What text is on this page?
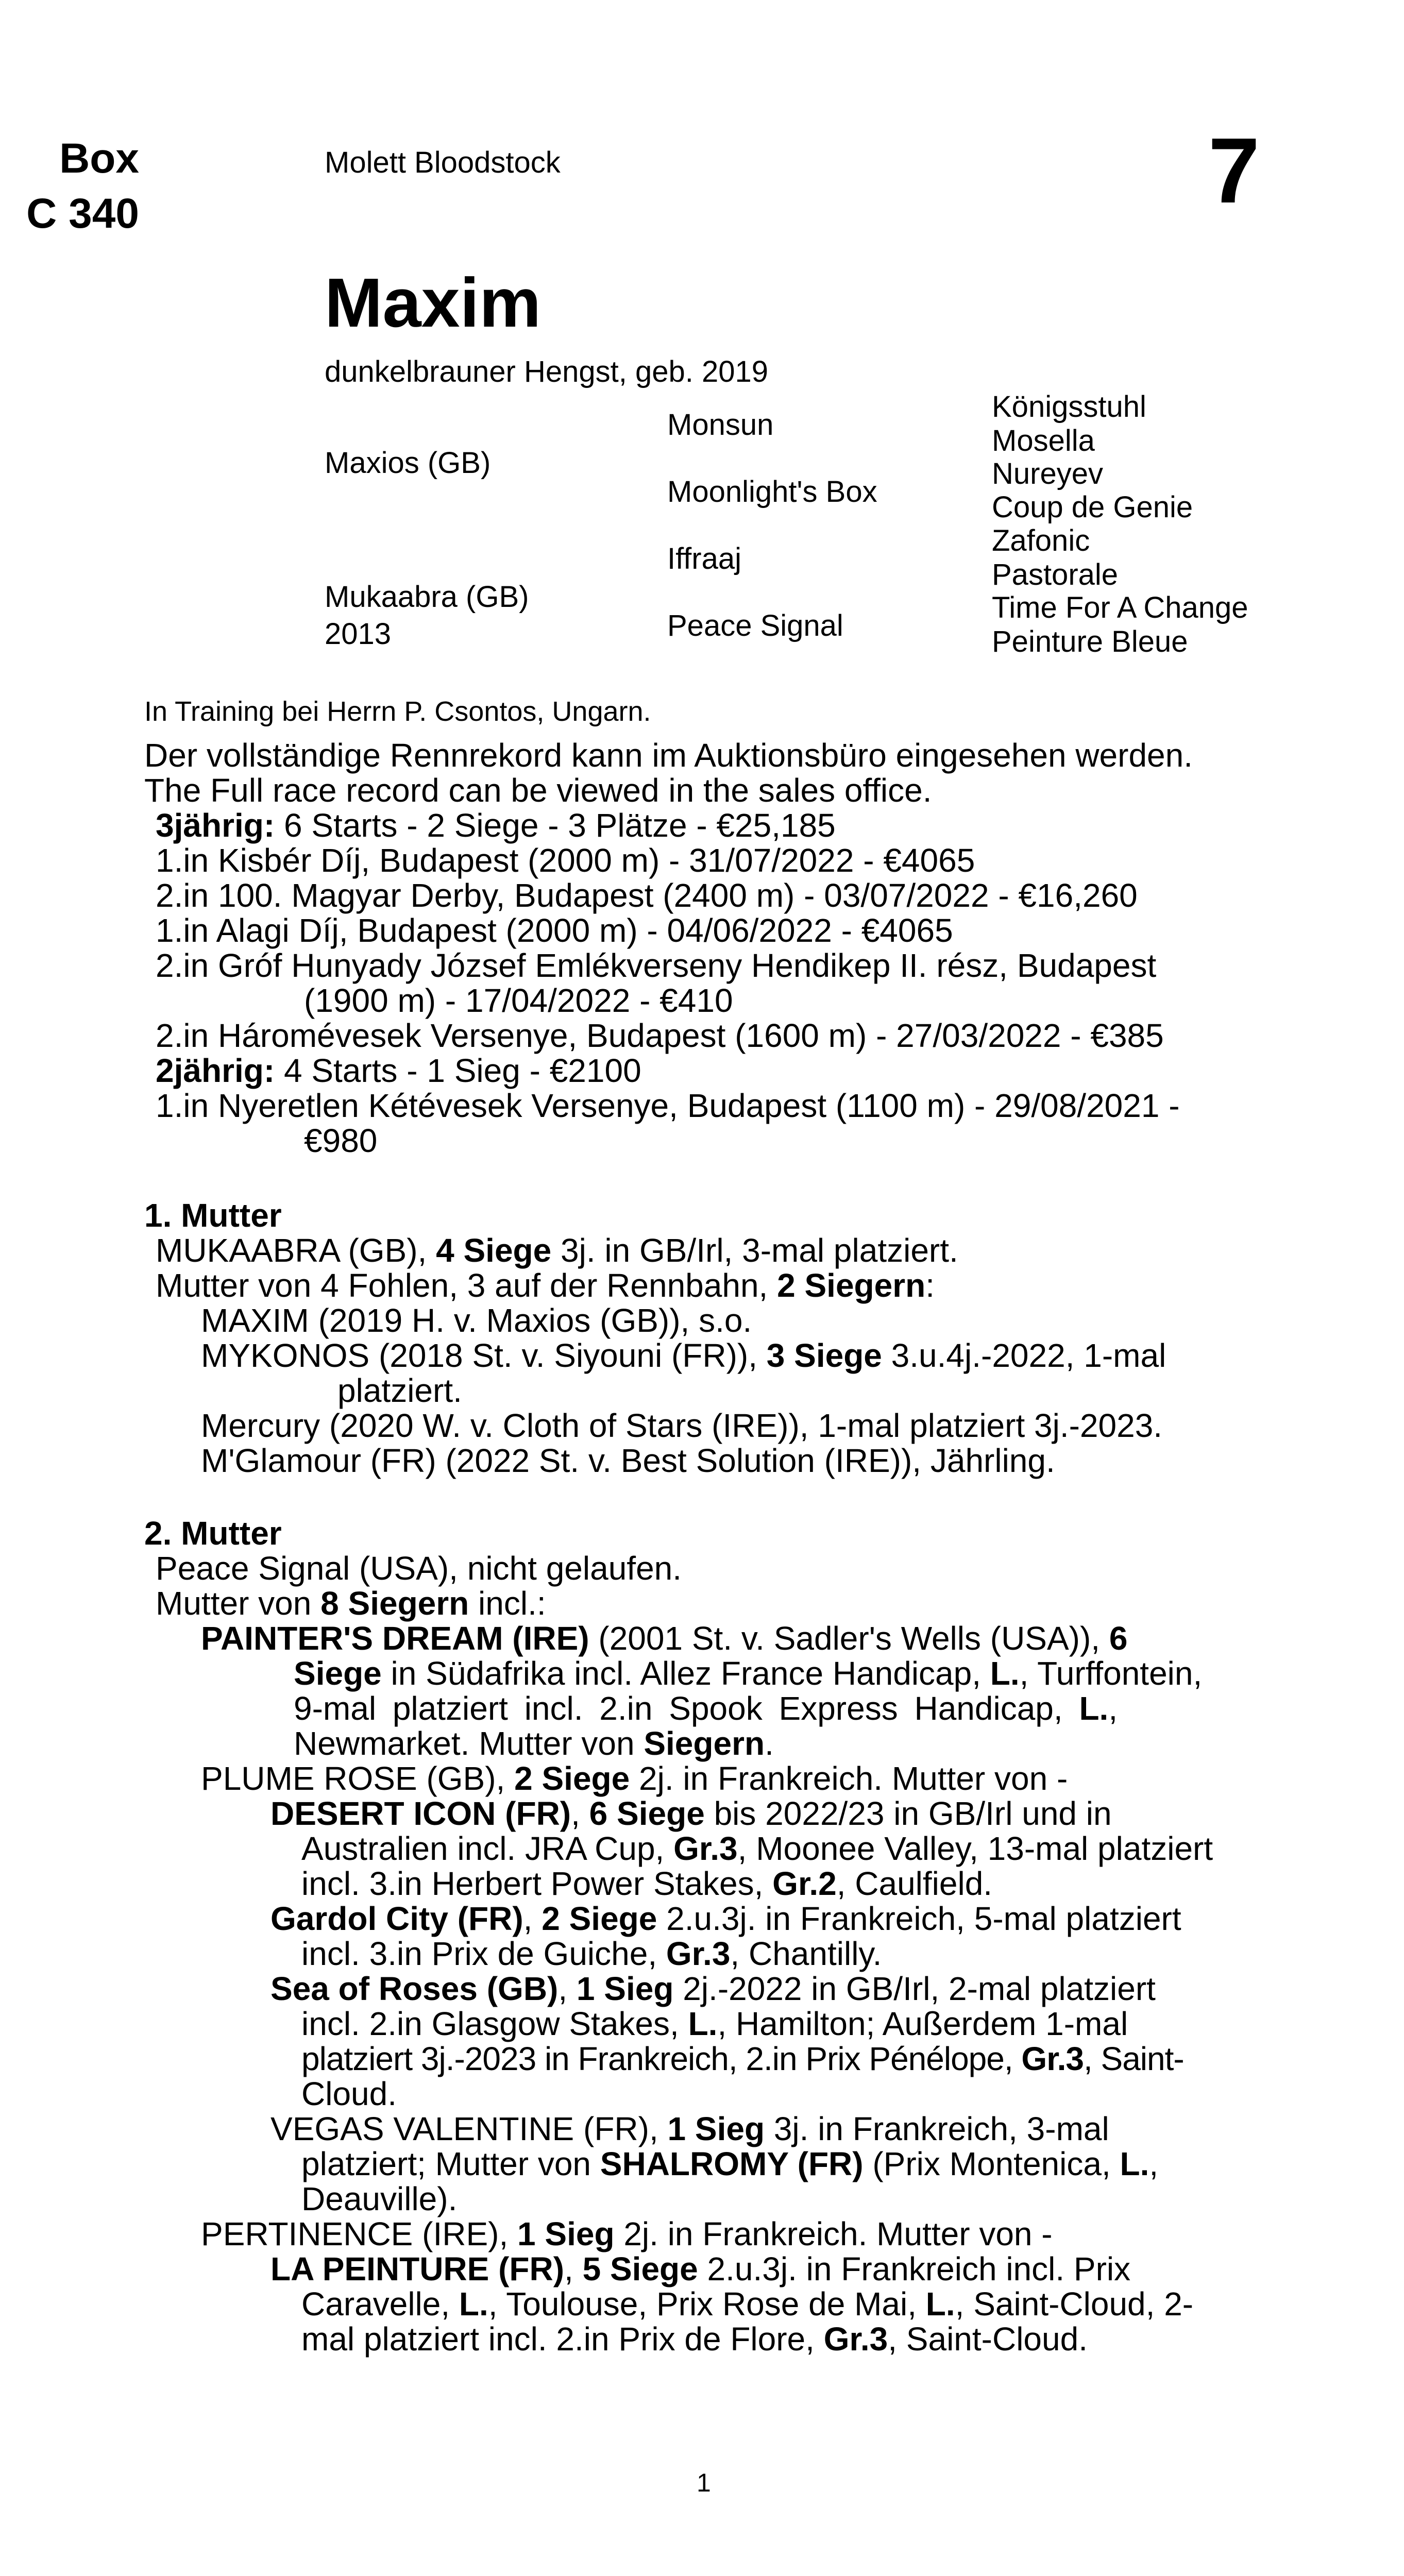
Box
C 340
Molett Bloodstock	7
Maxim
dunkelbrauner Hengst, geb. 2019
Maxios (GB)
Mukaabra (GB)
2013
Monsun
Moonlight's Box
Iffraaj
Peace Signal
Königsstuhl
Mosella
Nureyev
Coup de Genie
Zafonic
Pastorale
Time For A Change
Peinture Bleue
In Training bei Herrn P. Csontos, Ungarn.
Der vollständige Rennrekord kann im Auktionsbüro eingesehen werden.
The Full race record can be viewed in the sales office.
3jährig: 6 Starts - 2 Siege - 3 Plätze - €25,185
1.in Kisbér Díj, Budapest (2000 m) - 31/07/2022 - €4065
2.in 100. Magyar Derby, Budapest (2400 m) - 03/07/2022 - €16,260
1.in Alagi Díj, Budapest (2000 m) - 04/06/2022 - €4065
2.in Gróf Hunyady József Emlékverseny Hendikep II. rész, Budapest
(1900 m) - 17/04/2022 - €410
2.in Háromévesek Versenye, Budapest (1600 m) - 27/03/2022 - €385
2jährig: 4 Starts - 1 Sieg - €2100
1.in Nyeretlen Kétévesek Versenye, Budapest (1100 m) - 29/08/2021 -
€980
1. Mutter
MUKAABRA (GB), 4 Siege 3j. in GB/Irl, 3-mal platziert.
Mutter von 4 Fohlen, 3 auf der Rennbahn, 2 Siegern:
MAXIM (2019 H. v. Maxios (GB)), s.o.
MYKONOS (2018 St. v. Siyouni (FR)), 3 Siege 3.u.4j.-2022, 1-mal
platziert.
Mercury (2020 W. v. Cloth of Stars (IRE)), 1-mal platziert 3j.-2023.
M'Glamour (FR) (2022 St. v. Best Solution (IRE)), Jährling.
2. Mutter
Peace Signal (USA), nicht gelaufen.
Mutter von 8 Siegern incl.:
PAINTER'S DREAM (IRE) (2001 St. v. Sadler's Wells (USA)), 6
Siege in Südafrika incl. Allez France Handicap, L., Turffontein,
9-mal platziert incl. 2.in Spook Express Handicap, L.,
Newmarket. Mutter von Siegern.
PLUME ROSE (GB), 2 Siege 2j. in Frankreich. Mutter von -
DESERT ICON (FR), 6 Siege bis 2022/23 in GB/Irl und in
Australien incl. JRA Cup, Gr.3, Moonee Valley, 13-mal platziert
incl. 3.in Herbert Power Stakes, Gr.2, Caulfield.
Gardol City (FR), 2 Siege 2.u.3j. in Frankreich, 5-mal platziert
incl. 3.in Prix de Guiche, Gr.3, Chantilly.
Sea of Roses (GB), 1 Sieg 2j.-2022 in GB/Irl, 2-mal platziert
incl. 2.in Glasgow Stakes, L., Hamilton; Außerdem 1-mal
platziert 3j.-2023 in Frankreich, 2.in Prix Pénélope, Gr.3, Saint-
Cloud.
VEGAS VALENTINE (FR), 1 Sieg 3j. in Frankreich, 3-mal
platziert; Mutter von SHALROMY (FR) (Prix Montenica, L.,
Deauville).
PERTINENCE (IRE), 1 Sieg 2j. in Frankreich. Mutter von -
LA PEINTURE (FR), 5 Siege 2.u.3j. in Frankreich incl. Prix
Caravelle, L., Toulouse, Prix Rose de Mai, L., Saint-Cloud, 2-
mal platziert incl. 2.in Prix de Flore, Gr.3, Saint-Cloud.
1
